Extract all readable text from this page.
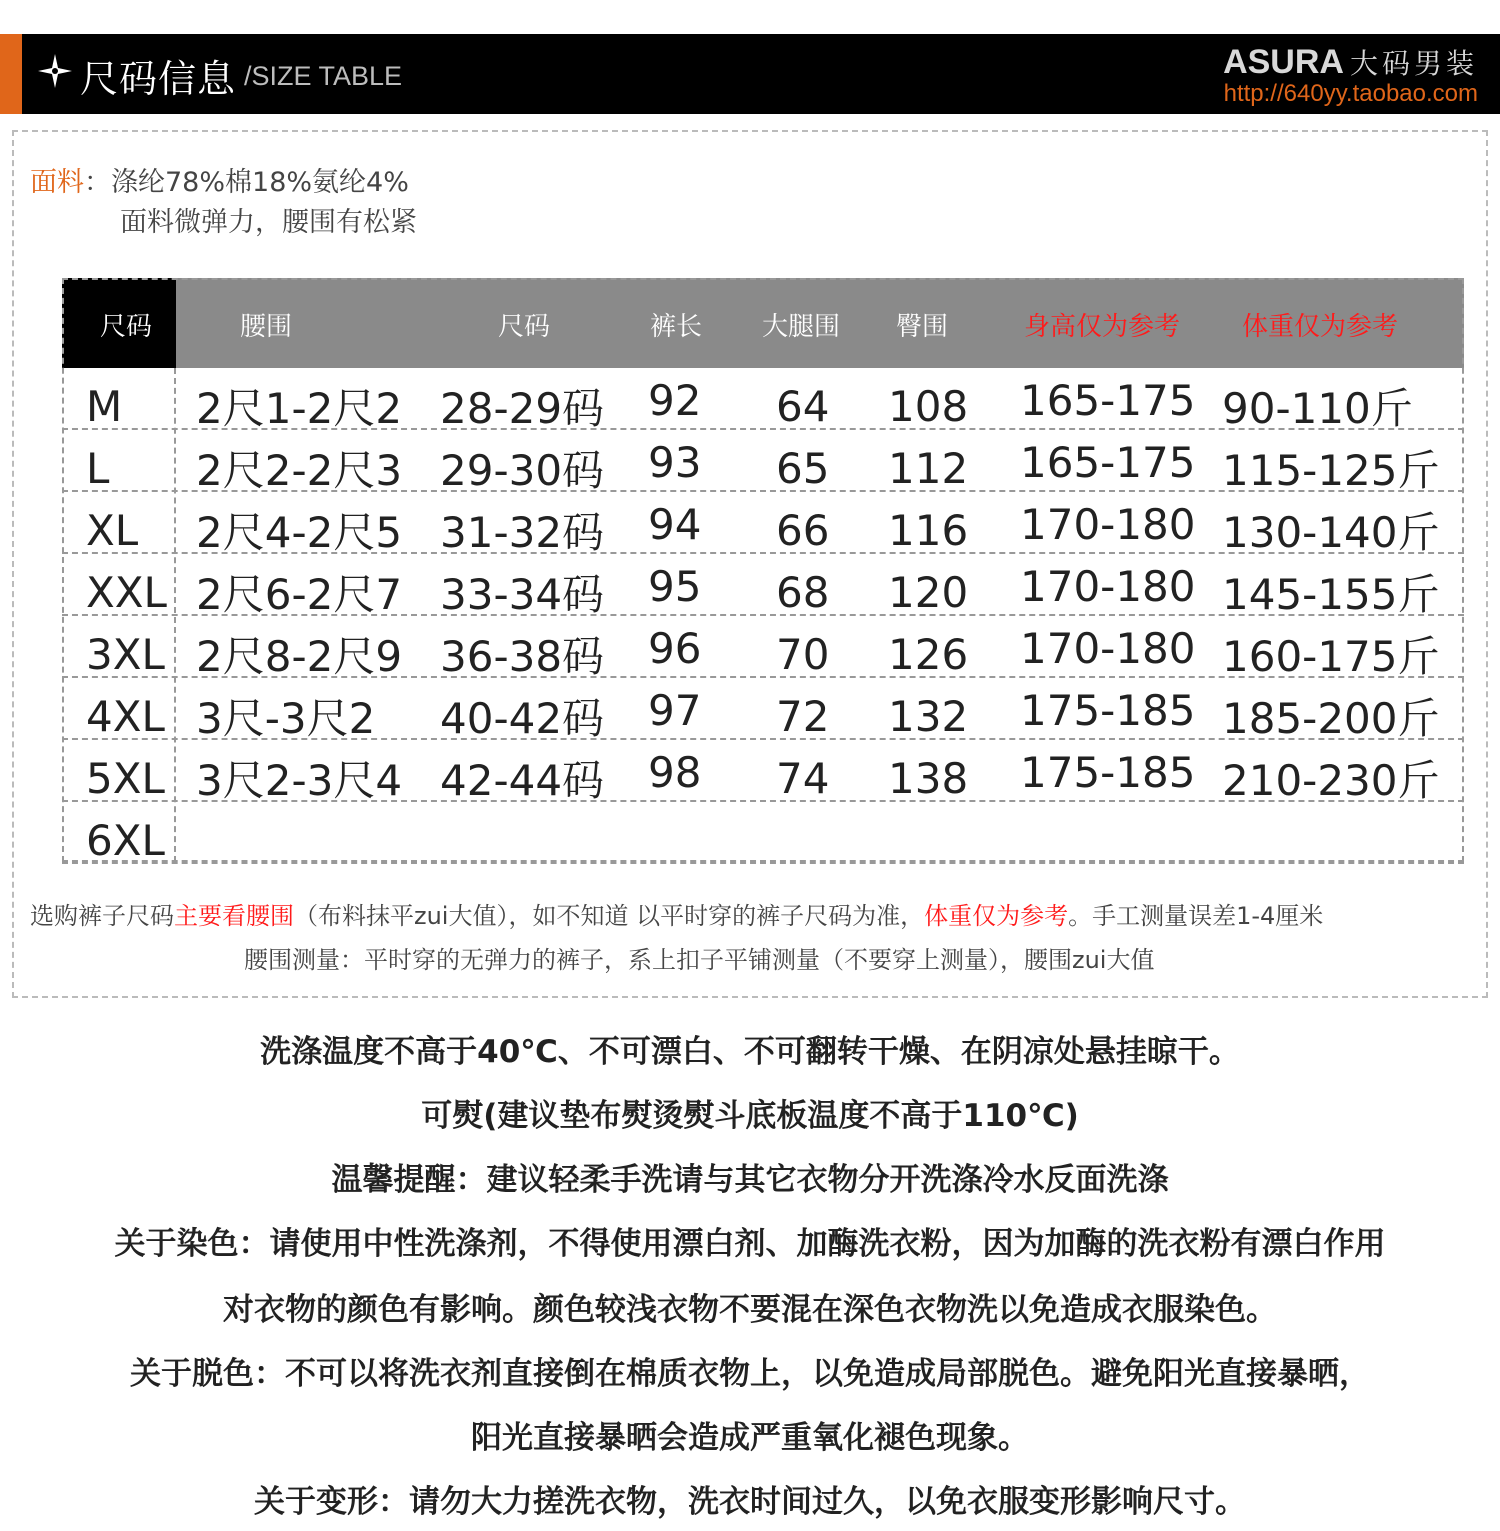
尺码信息 /SIZE TABLE	ASURA 大码男装
http://640yy.taobao.com
面料：涤纶78%棉18%氨纶4%
面料微弹力，腰围有松紧
尺码	腰围	尺码	裤长 大腿围 臀围	身高仅为参考 体重仅为参考
M 2尺1-2尺2 28-29码 92 64 108 165-175 90-110斤
L 2尺2-2尺3 29-30码 93 65 112 165-175 115-125斤
XL 2尺4-2尺5 31-32码 94 66 116 170-180 130-140斤
XXL 2尺6-2尺7 33-34码 95 68 120 170-180 145-155斤
3XL 2尺8-2尺9 36-38码 96 70 126 170-180 160-175斤
4XL 3尺-3尺2 40-42码 97 72 132 175-185 185-200斤
5XL 3尺2-3尺4 42-44码 98 74 138 175-185 210-230斤
6XL
选购裤子尺码主要看腰围（布料抹平zui大值），如不知道 以平时穿的裤子尺码为准，体重仅为参考。手工测量误差1-4厘米
腰围测量：平时穿的无弹力的裤子，系上扣子平铺测量（不要穿上测量），腰围zui大值
洗涤温度不高于40℃、不可漂白、不可翻转干燥、在阴凉处悬挂晾干。
可熨(建议垫布熨烫熨斗底板温度不高于110℃)
温馨提醒：建议轻柔手洗请与其它衣物分开洗涤冷水反面洗涤
关于染色：请使用中性洗涤剂，不得使用漂白剂、加酶洗衣粉，因为加酶的洗衣粉有漂白作用
对衣物的颜色有影响。颜色较浅衣物不要混在深色衣物洗以免造成衣服染色。
关于脱色：不可以将洗衣剂直接倒在棉质衣物上，以免造成局部脱色。避免阳光直接暴晒，
阳光直接暴晒会造成严重氧化褪色现象。
关于变形：请勿大力搓洗衣物，洗衣时间过久，以免衣服变形影响尺寸。
